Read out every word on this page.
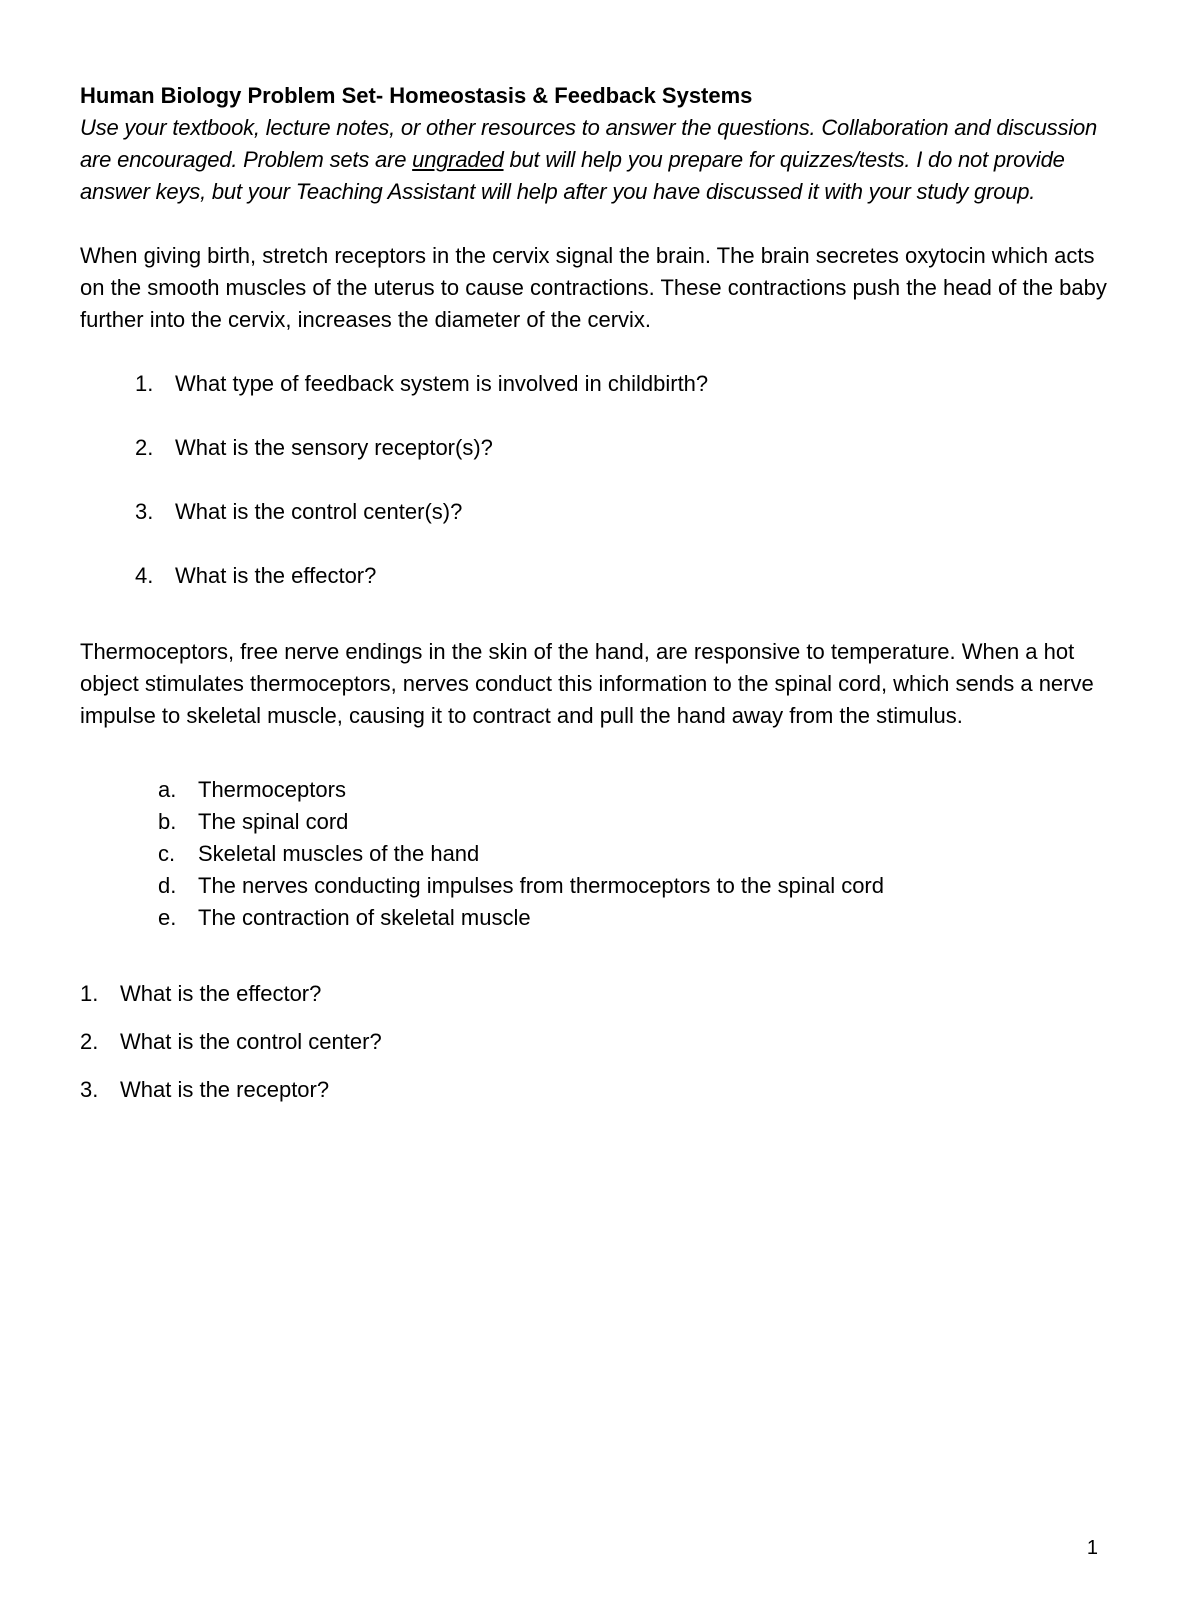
Human Biology Problem Set- Homeostasis & Feedback Systems

Use your textbook, lecture notes, or other resources to answer the questions. Collaboration and discussion are encouraged. Problem sets are ungraded but will help you prepare for quizzes/tests. I do not provide answer keys, but your Teaching Assistant will help after you have discussed it with your study group.

When giving birth, stretch receptors in the cervix signal the brain. The brain secretes oxytocin which acts on the smooth muscles of the uterus to cause contractions. These contractions push the head of the baby further into the cervix, increases the diameter of the cervix.

1. What type of feedback system is involved in childbirth?
2. What is the sensory receptor(s)?
3. What is the control center(s)?
4. What is the effector?

Thermoceptors, free nerve endings in the skin of the hand, are responsive to temperature. When a hot object stimulates thermoceptors, nerves conduct this information to the spinal cord, which sends a nerve impulse to skeletal muscle, causing it to contract and pull the hand away from the stimulus.

a. Thermoceptors
b. The spinal cord
c.	Skeletal muscles of the hand
d. The nerves conducting impulses from thermoceptors to the spinal cord
e. The contraction of skeletal muscle
1. What is the effector?
2. What is the control center?
3. What is the receptor?
1
